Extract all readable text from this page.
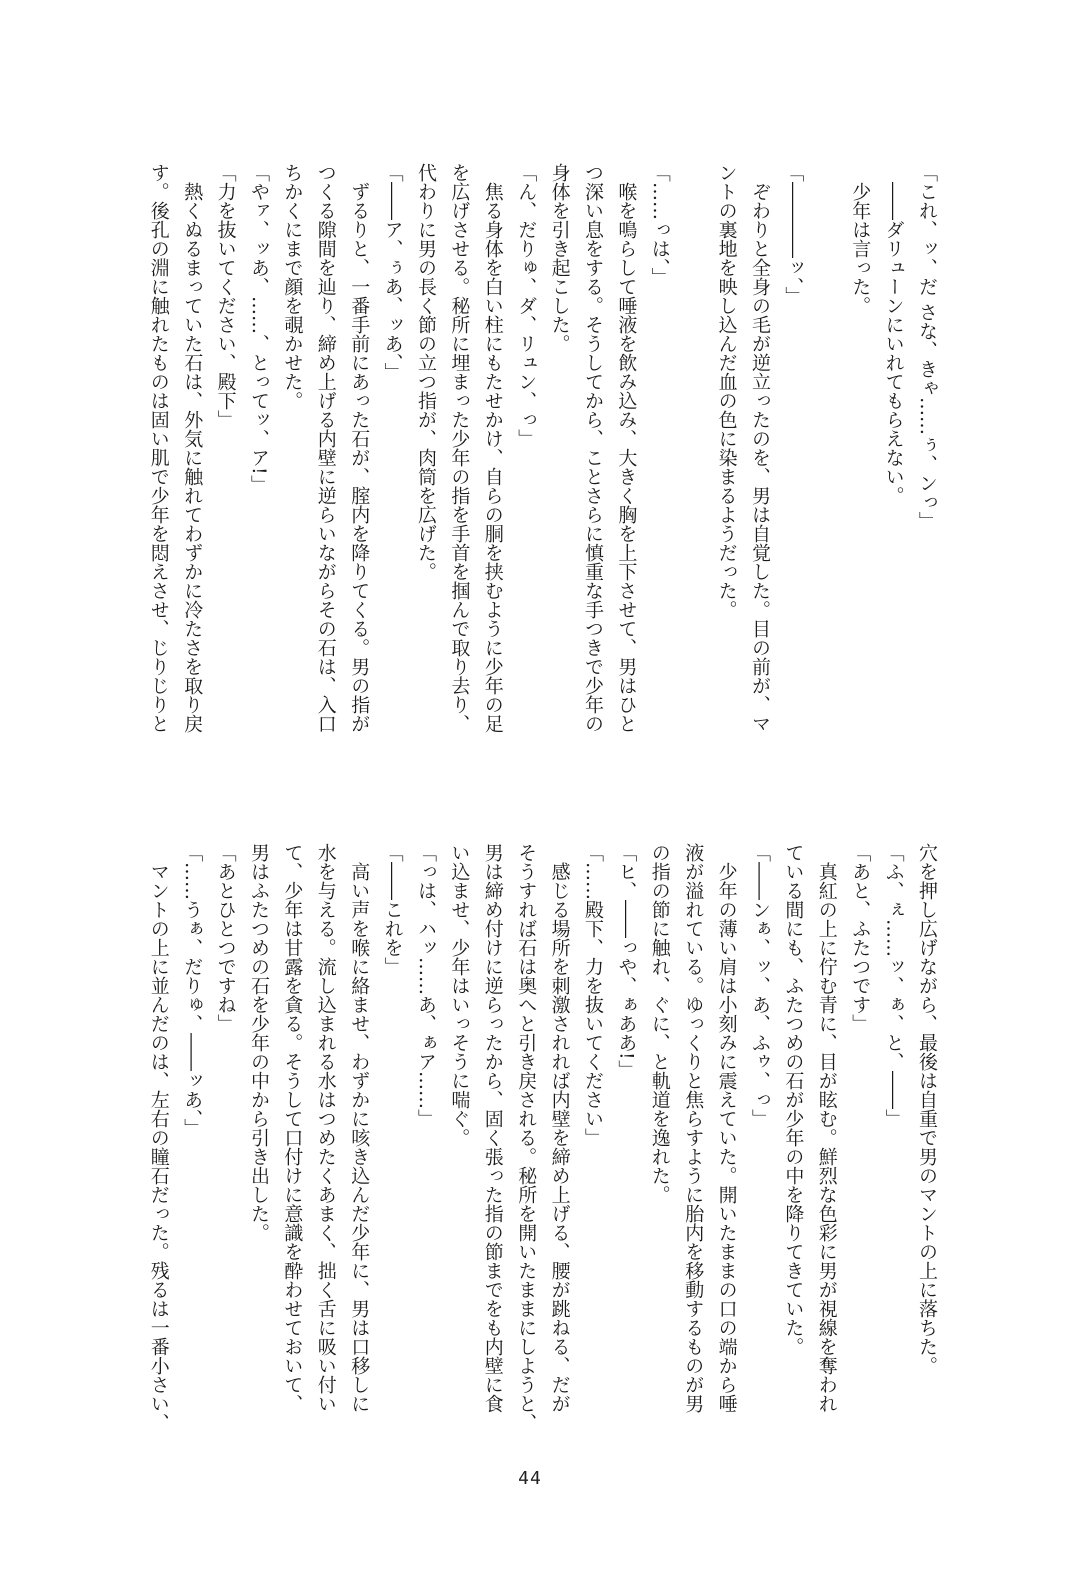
「これ、ッ、だ さな、きゃ……ぅ、ンっ」
――ダリューンにいれてもらえない。
少年は言った。
「――――ッ、」
ぞわりと全身の毛が逆立ったのを、男は自覚した。目の前が、マ
ントの裏地を映し込んだ血の色に染まるようだった。
「……っは、」
喉を鳴らして唾液を飲み込み、大きく胸を上下させて、男はひと
つ深い息をする。そうしてから、ことさらに慎重な手つきで少年の
身体を引き起こした。
「ん、だりゅ、ダ、リュン、っ」
焦る身体を白い柱にもたせかけ、自らの胴を挟むように少年の足
を広げさせる。秘所に埋まった少年の指を手首を掴んで取り去り、
代わりに男の長く節の立つ指が、肉筒を広げた。
「――ア、ぅあ、ッあ、」
ずるりと、一番手前にあった石が、腟内を降りてくる。男の指が
つくる隙間を辿り、締め上げる内壁に逆らいながらその石は、入口
ちかくにまで顔を覗かせた。
「やァ、ッあ、……、とってッ、ア!」
「力を抜いてください、殿下」
熱くぬるまっていた石は、外気に触れてわずかに冷たさを取り戻
す。後孔の淵に触れたものは固い肌で少年を悶えさせ、じりじりと
穴を押し広げながら、最後は自重で男のマントの上に落ちた。
「ふ、ぇ……ッ、ぁ、と、――」
「あと、ふたつです」
真紅の上に佇む青に、目が眩む。鮮烈な色彩に男が視線を奪われ
ている間にも、ふたつめの石が少年の中を降りてきていた。
「――ンぁ、ッ、あ、ふゥ、っ」
少年の薄い肩は小刻みに震えていた。開いたままの口の端から唾
液が溢れている。ゆっくりと焦らすように胎内を移動するものが男
の指の節に触れ、ぐに、と軌道を逸れた。
「ヒ、――っや、ぁああ!」
「……殿下、力を抜いてください」
感じる場所を刺激されれば内壁を締め上げる、腰が跳ねる、だが
そうすれば石は奥へと引き戻される。秘所を開いたままにしようと、
男は締め付けに逆らったから、固く張った指の節までをも内壁に食
い込ませ、少年はいっそうに喘ぐ。
「っは、ハッ……あ、ぁア……」
「――これを」
高い声を喉に絡ませ、わずかに咳き込んだ少年に、男は口移しに
水を与える。流し込まれる水はつめたくあまく、拙く舌に吸い付い
て、少年は甘露を貪る。そうして口付けに意識を酔わせておいて、
男はふたつめの石を少年の中から引き出した。
「あとひとつですね」
「……うぁ、だりゅ、――ッあ、」
マントの上に並んだのは、左右の瞳石だった。残るは一番小さい、
44
